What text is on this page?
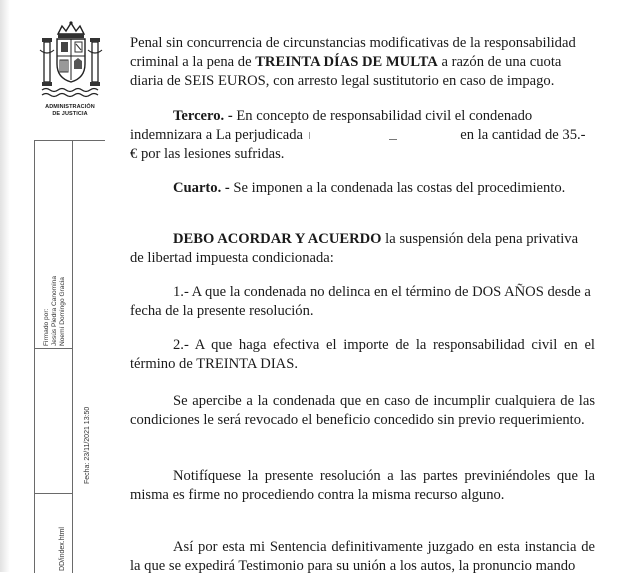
ADMINISTRACIÓN
DE JUSTICIA
Firmado por: Jesús Piedra Canomina Noemí Domingo Gracia
Fecha: 23/11/2021 13:50
DD/index.html

Penal sin concurrencia de circunstancias modificativas de la responsabilidad criminal a la pena de TREINTA DÍAS DE MULTA a razón de una cuota diaria de SEIS EUROS, con arresto legal sustitutorio en caso de impago.

Tercero. - En concepto de responsabilidad civil el condenado indemnizara a La perjudicada	en la cantidad de 35.- € por las lesiones sufridas.

Cuarto. - Se imponen a la condenada las costas del procedimiento.

DEBO ACORDAR Y ACUERDO la suspensión dela pena privativa de libertad impuesta condicionada:

1.- A que la condenada no delinca en el término de DOS AÑOS desde a fecha de la presente resolución.

2.- A que haga efectiva el importe de la responsabilidad civil en el término de TREINTA DIAS.

Se apercibe a la condenada que en caso de incumplir cualquiera de las condiciones le será revocado el beneficio concedido sin previo requerimiento.

Notifíquese la presente resolución a las partes previniéndoles que la misma es firme no procediendo contra la misma recurso alguno.

Así por esta mi Sentencia definitivamente juzgado en esta instancia de la que se expedirá Testimonio para su unión a los autos, la pronuncio mando
